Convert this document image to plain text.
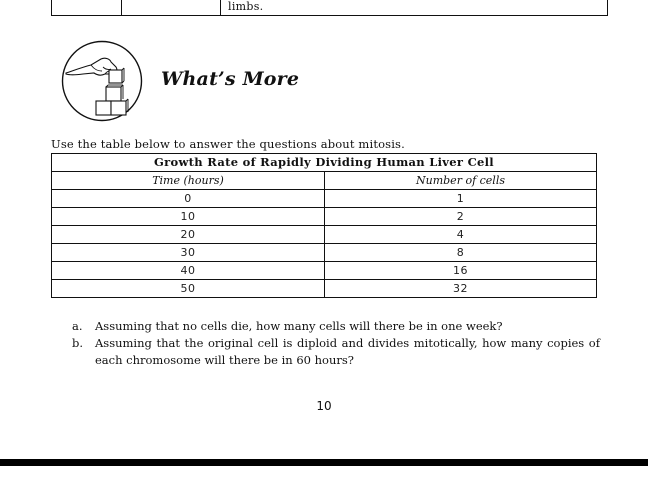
limbs.
What’s More
Use the table below to answer the questions about mitosis.
Growth Rate of Rapidly Dividing Human Liver Cell	
Time (hours)	Number of cells
0	1
10	2
20	4
30	8
40	16
50	32
a.	Assuming that no cells die, how many cells will there be in one week?
b.	Assuming that the original cell is diploid and divides mitotically, how many copies of each chromosome will there be in 60 hours?
10
